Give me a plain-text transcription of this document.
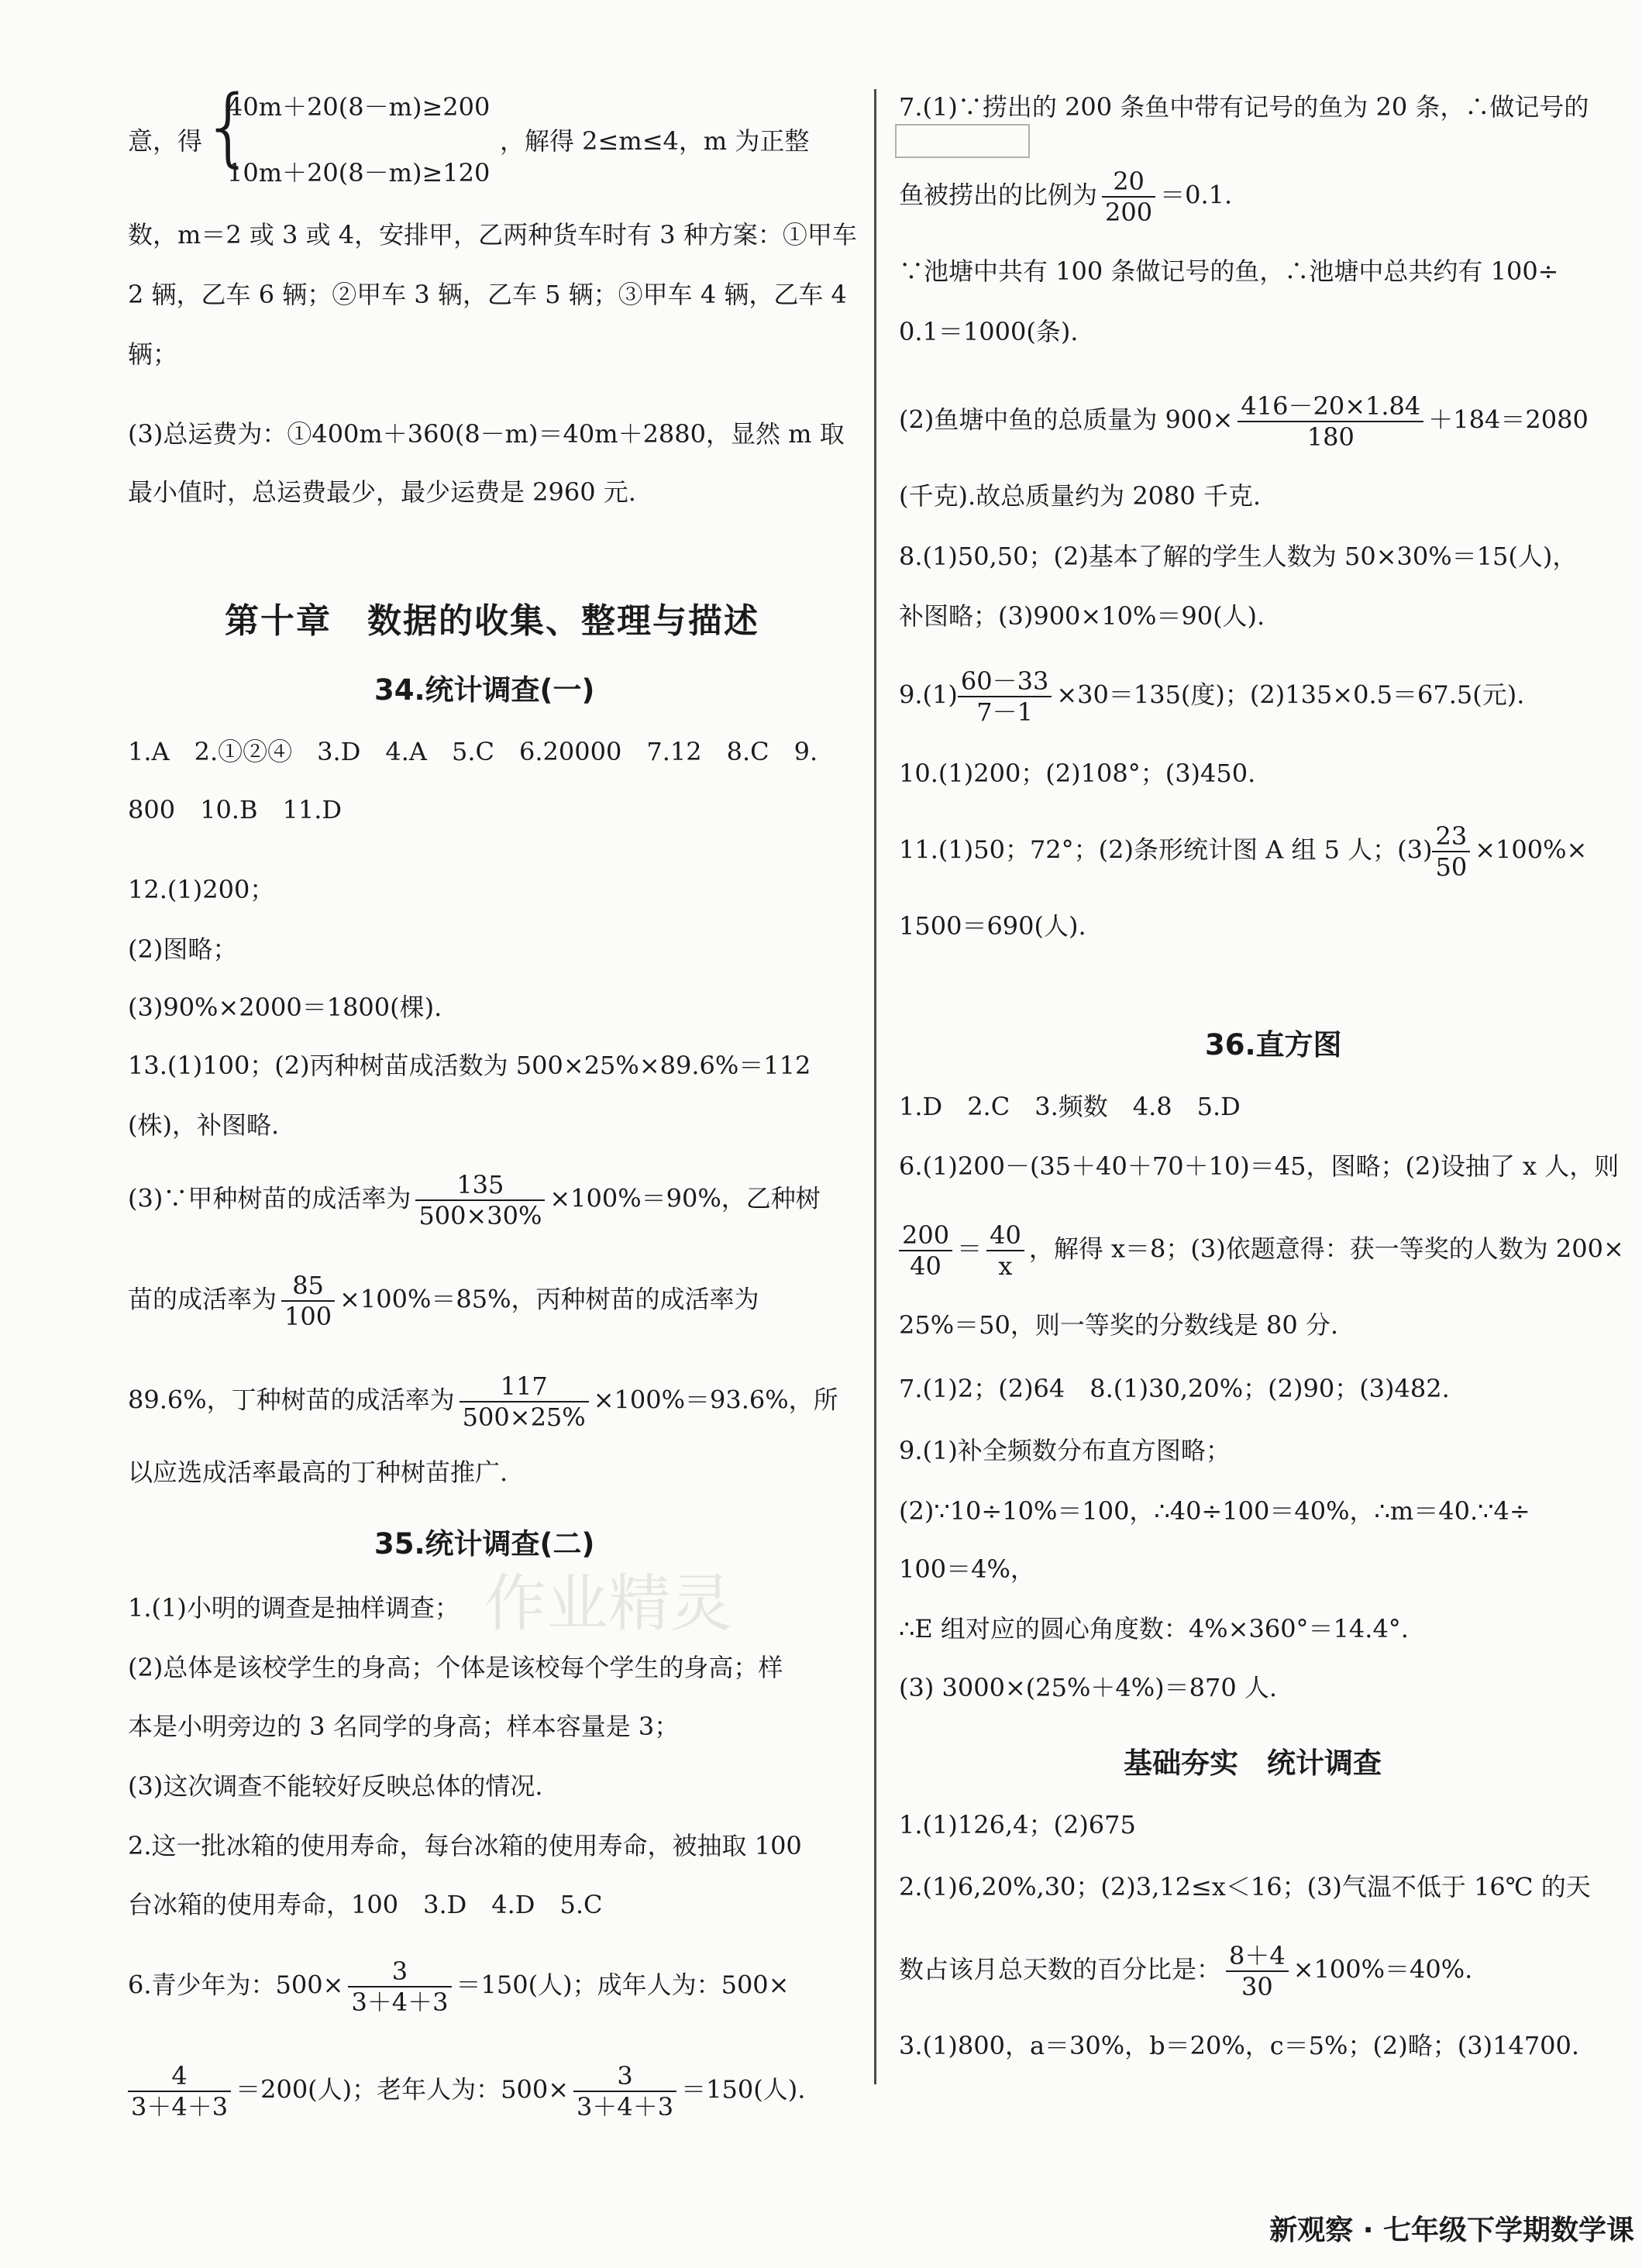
意，得
{
40m＋20(8－m)≥200
10m＋20(8－m)≥120
，解得 2≤m≤4，m 为正整
数，m＝2 或 3 或 4，安排甲，乙两种货车时有 3 种方案：①甲车
2 辆，乙车 6 辆；②甲车 3 辆，乙车 5 辆；③甲车 4 辆，乙车 4
辆；
(3)总运费为：①400m＋360(8－m)＝40m＋2880，显然 m 取
最小值时，总运费最少，最少运费是 2960 元.
第十章　数据的收集、整理与描述
34.统计调查(一)
1.A　2.①②④　3.D　4.A　5.C　6.20000　7.12　8.C　9.
800　10.B　11.D
12.(1)200；
(2)图略；
(3)90%×2000＝1800(棵).
13.(1)100；(2)丙种树苗成活数为 500×25%×89.6%＝112
(株)，补图略.
(3)∵甲种树苗的成活率为 $\frac{135}{500\times 30\%} \times 100\%=90\%$，乙种树
苗的成活率为 $\frac{85}{100} \times 100\%=85\%$，丙种树苗的成活率为
89.6%，丁种树苗的成活率为 $\frac{117}{500\times 25\%} \times 100\%=93.6\%$，所
以应选成活率最高的丁种树苗推广.
35.统计调查(二)
1.(1)小明的调查是抽样调查；
(2)总体是该校学生的身高；个体是该校每个学生的身高；样
本是小明旁边的 3 名同学的身高；样本容量是 3；
(3)这次调查不能较好反映总体的情况.
2.这一批冰箱的使用寿命，每台冰箱的使用寿命，被抽取 100
台冰箱的使用寿命，100　3.D　4.D　5.C
6.青少年为：$500\times \frac{3}{3+4+3} =150$(人)；成年人为：500×
$\frac{4}{3+4+3} =200$(人)；老年人为：$500\times \frac{3}{3+4+3} =150$(人).
作业精灵
7.(1)∵捞出的 200 条鱼中带有记号的鱼为 20 条，∴做记号的
鱼被捞出的比例为 $\frac{20}{200} =0.1$.
∵池塘中共有 100 条做记号的鱼，∴池塘中总共约有 100÷
0.1＝1000(条).
(2)鱼塘中鱼的总质量为 $900\times \frac{416-20\times 1.84}{180} +184=2080$
(千克).故总质量约为 2080 千克.
8.(1)50,50；(2)基本了解的学生人数为 50×30%＝15(人)，
补图略；(3)900×10%＝90(人).
$9.(1) \frac{60-33}{7-1} \times 30=135$(度)；(2)135×0.5＝67.5(元).
10.(1)200；(2)108°；(3)450.
11.(1)50；72°；(2)条形统计图 A 组 5 人；$(3) \frac{23}{50} \times 100\%\times$
1500＝690(人).
36.直方图
1.D　2.C　3.频数　4.8　5.D
6.(1)200－(35＋40＋70＋10)＝45，图略；(2)设抽了 x 人，则
$\frac{200}{40} = \frac{40}{x}$ ，解得 x＝8；(3)依题意得：获一等奖的人数为 200×
25%＝50，则一等奖的分数线是 80 分.
7.(1)2；(2)64　8.(1)30,20%；(2)90；(3)482.
9.(1)补全频数分布直方图略；
(2)∵10÷10%＝100，∴40÷100＝40%，∴m＝40.∵4÷
100＝4%，
∴E 组对应的圆心角度数：4%×360°＝14.4°.
(3) 3000×(25%＋4%)＝870 人.
基础夯实　统计调查
1.(1)126,4；(2)675
2.(1)6,20%,30；(2)3,12≤x＜16；(3)气温不低于 16℃ 的天
数占该月总天数的百分比是： $\frac{8+4}{30} \times 100\%=40\%$.
3.(1)800，a＝30%，b＝20%，c＝5%；(2)略；(3)14700.
新观察 · 七年级下学期数学课
